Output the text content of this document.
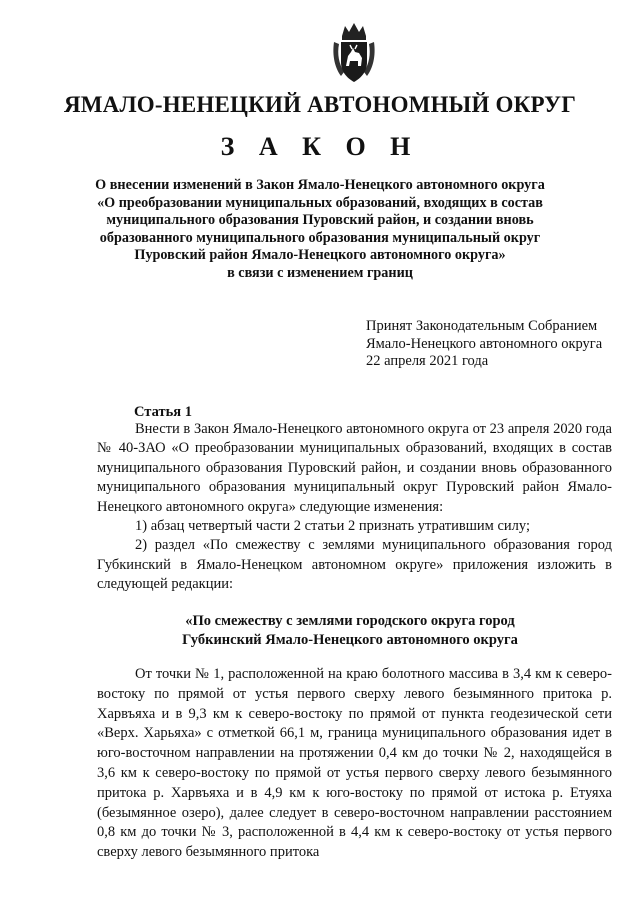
ЯМАЛО-НЕНЕЦКИЙ АВТОНОМНЫЙ ОКРУГ
З А К О Н
О внесении изменений в Закон Ямало-Ненецкого автономного округа
«О преобразовании муниципальных образований, входящих в состав
муниципального образования Пуровский район, и создании вновь
образованного муниципального образования муниципальный округ
Пуровский район Ямало-Ненецкого автономного округа»
в связи с изменением границ
Принят Законодательным Собранием
Ямало-Ненецкого автономного округа
22 апреля 2021 года
Статья 1

Внести в Закон Ямало-Ненецкого автономного округа от 23 апреля 2020 года № 40-ЗАО «О преобразовании муниципальных образований, входящих в состав муниципального образования Пуровский район, и создании вновь образованного муниципального образования муниципальный округ Пуровский район Ямало-Ненецкого автономного округа» следующие изменения:

1) абзац четвертый части 2 статьи 2 признать утратившим силу;

2) раздел «По смежеству с землями муниципального образования город Губкинский в Ямало-Ненецком автономном округе» приложения изложить в следующей редакции:

«По смежеству с землями городского округа город
Губкинский Ямало-Ненецкого автономного округа

От точки № 1, расположенной на краю болотного массива в 3,4 км к северо-востоку по прямой от устья первого сверху левого безымянного притока р. Харвъяха и в 9,3 км к северо-востоку по прямой от пункта геодезической сети «Верх. Харьяха» с отметкой 66,1 м, граница муниципального образования идет в юго-восточном направлении на протяжении 0,4 км до точки № 2, находящейся в 3,6 км к северо-востоку по прямой от устья первого сверху левого безымянного притока р. Харвъяха и в 4,9 км к юго-востоку по прямой от истока р. Етуяха (безымянное озеро), далее следует в северо-восточном направлении расстоянием 0,8 км до точки № 3, расположенной в 4,4 км к северо-востоку от устья первого сверху левого безымянного притока
